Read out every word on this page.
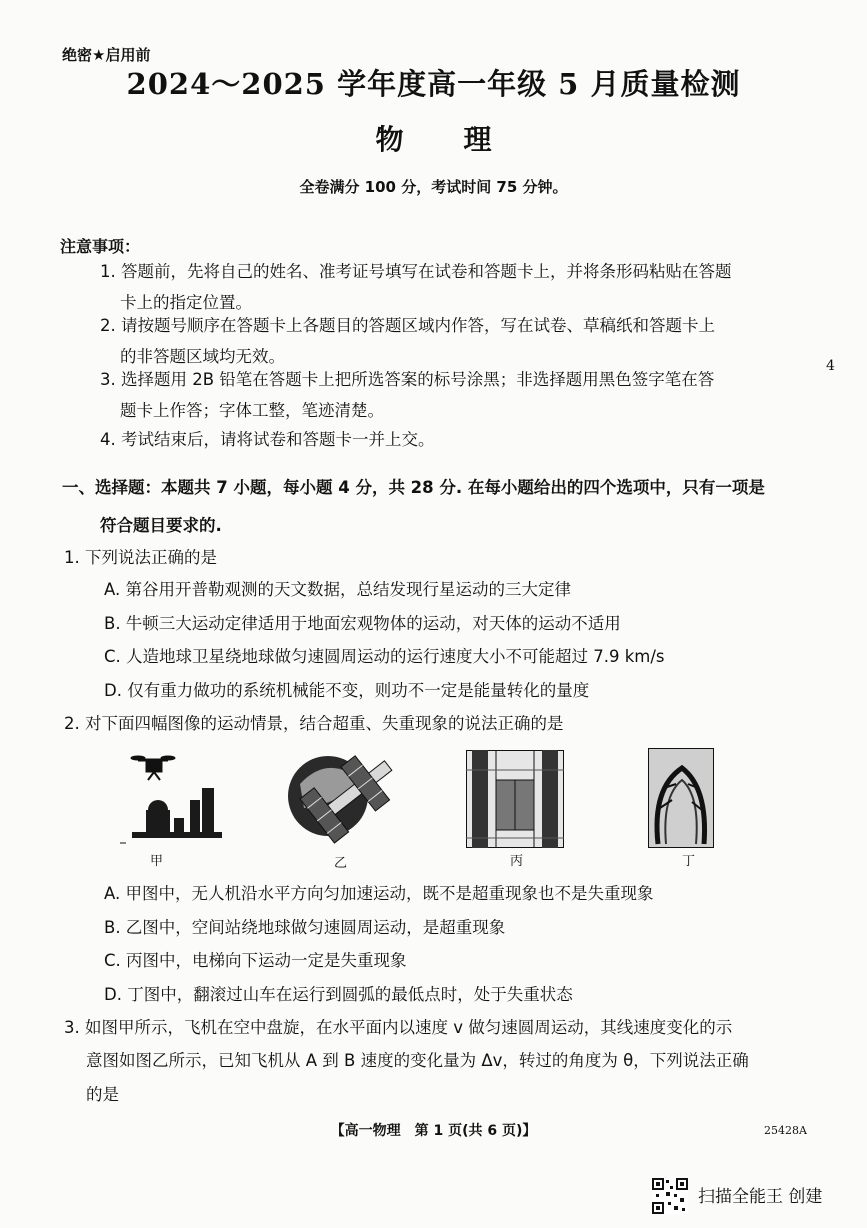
绝密★启用前
2024～2025 学年度高一年级 5 月质量检测
物理
全卷满分 100 分，考试时间 75 分钟。
注意事项：
1. 答题前，先将自己的姓名、准考证号填写在试卷和答题卡上，并将条形码粘贴在答题
卡上的指定位置。
2. 请按题号顺序在答题卡上各题目的答题区域内作答，写在试卷、草稿纸和答题卡上
的非答题区域均无效。
3. 选择题用 2B 铅笔在答题卡上把所选答案的标号涂黑；非选择题用黑色签字笔在答
题卡上作答；字体工整，笔迹清楚。
4. 考试结束后，请将试卷和答题卡一并上交。
4
一、选择题：本题共 7 小题，每小题 4 分，共 28 分. 在每小题给出的四个选项中，只有一项是
符合题目要求的.
1. 下列说法正确的是
A. 第谷用开普勒观测的天文数据，总结发现行星运动的三大定律
B. 牛顿三大运动定律适用于地面宏观物体的运动，对天体的运动不适用
C. 人造地球卫星绕地球做匀速圆周运动的运行速度大小不可能超过 7.9 km/s
D. 仅有重力做功的系统机械能不变，则功不一定是能量转化的量度
2. 对下面四幅图像的运动情景，结合超重、失重现象的说法正确的是
甲	乙	丙	丁
A. 甲图中，无人机沿水平方向匀加速运动，既不是超重现象也不是失重现象
B. 乙图中，空间站绕地球做匀速圆周运动，是超重现象
C. 丙图中，电梯向下运动一定是失重现象
D. 丁图中，翻滚过山车在运行到圆弧的最低点时，处于失重状态
3. 如图甲所示，飞机在空中盘旋，在水平面内以速度 v 做匀速圆周运动，其线速度变化的示
意图如图乙所示，已知飞机从 A 到 B 速度的变化量为 Δv，转过的角度为 θ，下列说法正确
的是
【高一物理　第 1 页(共 6 页)】	25428A
扫描全能王 创建
